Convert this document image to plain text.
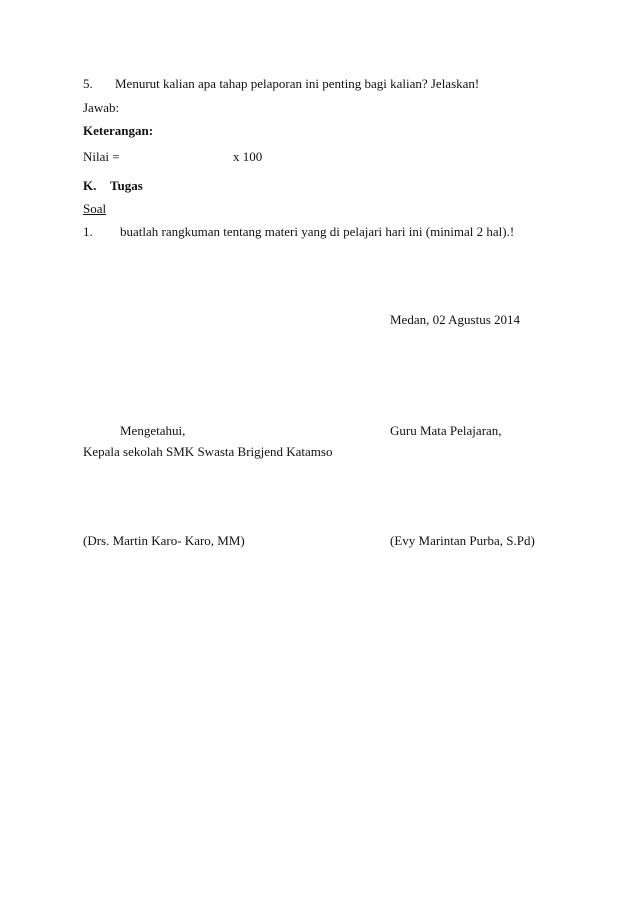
5. Menurut kalian apa tahap pelaporan ini penting bagi kalian? Jelaskan!
Jawab:
Keterangan:
Nilai =	x 100
K. Tugas
Soal
1. buatlah rangkuman tentang materi yang di pelajari hari ini (minimal 2 hal).!
Medan, 02 Agustus 2014
Mengetahui,	Guru Mata Pelajaran,
Kepala sekolah SMK Swasta Brigjend Katamso
(Drs. Martin Karo- Karo, MM)	(Evy Marintan Purba, S.Pd)
